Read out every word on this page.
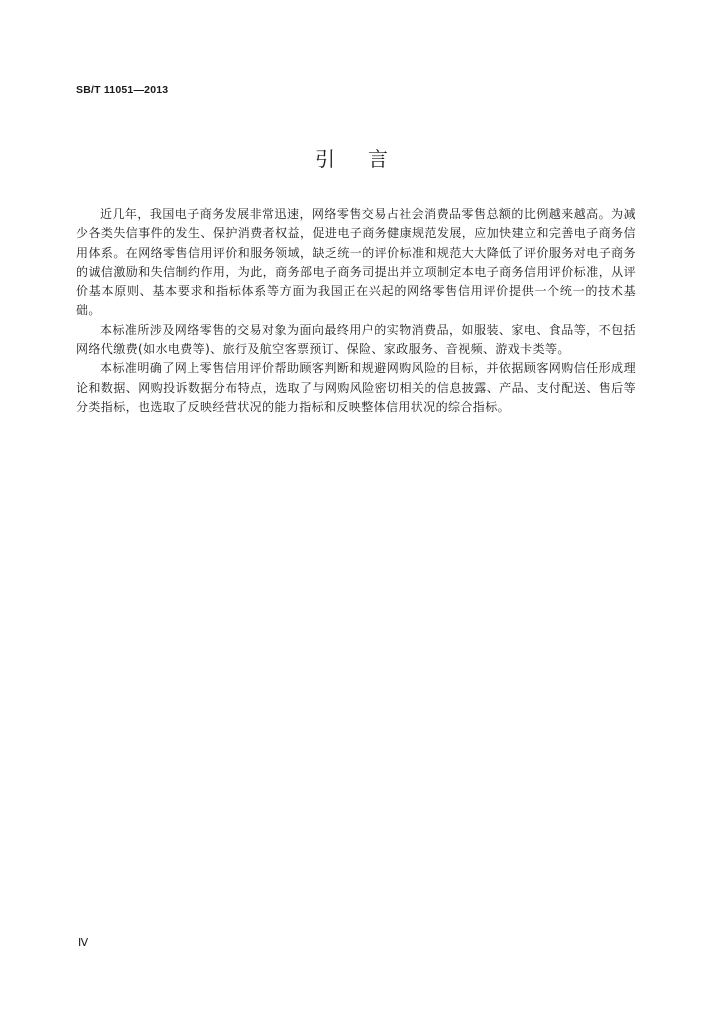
SB/T 11051—2013
引言

近几年，我国电子商务发展非常迅速，网络零售交易占社会消费品零售总额的比例越来越高。为减少各类失信事件的发生、保护消费者权益，促进电子商务健康规范发展，应加快建立和完善电子商务信用体系。在网络零售信用评价和服务领域，缺乏统一的评价标准和规范大大降低了评价服务对电子商务的诚信激励和失信制约作用，为此，商务部电子商务司提出并立项制定本电子商务信用评价标准，从评价基本原则、基本要求和指标体系等方面为我国正在兴起的网络零售信用评价提供一个统一的技术基础。

本标准所涉及网络零售的交易对象为面向最终用户的实物消费品，如服装、家电、食品等，不包括网络代缴费(如水电费等)、旅行及航空客票预订、保险、家政服务、音视频、游戏卡类等。

本标准明确了网上零售信用评价帮助顾客判断和规避网购风险的目标，并依据顾客网购信任形成理论和数据、网购投诉数据分布特点，选取了与网购风险密切相关的信息披露、产品、支付配送、售后等分类指标，也选取了反映经营状况的能力指标和反映整体信用状况的综合指标。

Ⅳ
